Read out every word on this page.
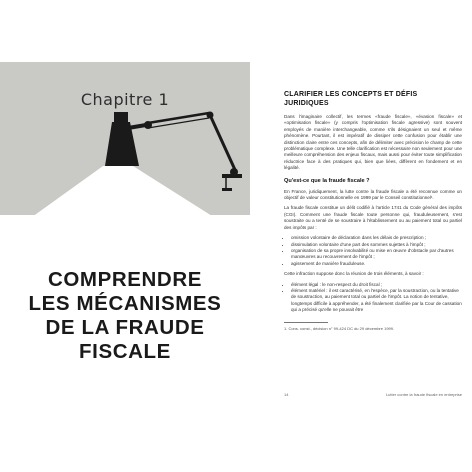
Chapitre 1
COMPRENDRE
LES MÉCANISMES
DE LA FRAUDE
FISCALE
CLARIFIER LES CONCEPTS ET DÉFIS JURIDIQUES

Dans l'imaginaire collectif, les termes «fraude fiscale», «évasion fiscale» et «optimisation fiscale» (y compris l'optimisation fiscale agressive) sont souvent employés de manière interchangeable, comme s'ils désignaient un seul et même phénomène. Pourtant, il est impératif de dissiper cette confusion pour établir une distinction claire entre ces concepts, afin de délimiter avec précision le champ de cette problématique complexe. Une telle clarification est nécessaire non seulement pour une meilleure compréhension des enjeux fiscaux, mais aussi pour éviter toute simplification réductrice face à des pratiques qui, bien que liées, diffèrent en fondement et en légalité.

Qu'est-ce que la fraude fiscale ?

En France, juridiquement, la lutte contre la fraude fiscale a été reconnue comme un objectif de valeur constitutionnelle en 1999 par le Conseil constitutionnel¹.

La fraude fiscale constitue un délit codifié à l'article 1741 du Code général des impôts (CGI). Comment une fraude fiscale toute personne qui, frauduleusement, s'est soustraite ou a tenté de se soustraire à l'établissement ou au paiement total ou partiel des impôts par :

• omission volontaire de déclaration dans les délais de prescription ;
• dissimulation volontaire d'une part des sommes sujettes à l'impôt ;
• organisation de sa propre insolvabilité ou mise en œuvre d'obstacle par d'autres manœuvres au recouvrement de l'impôt ;
• agissement de manière frauduleuse.

Cette infraction suppose donc la réunion de trois éléments, à savoir :

• élément légal : le non-respect du droit fiscal ;
• élément matériel : il est caractérisé, en l'espèce, par la soustraction, ou la tentative de soustraction, au paiement total ou partiel de l'impôt. La notion de tentative, longtemps difficile à appréhender, a été finalement clarifiée par la Cour de cassation qui a précisé qu'elle ne pouvait être
1. Cons. const., décision n° 99-424 DC du 29 décembre 1999.
14	Lutter contre la fraude fiscale en entreprise
